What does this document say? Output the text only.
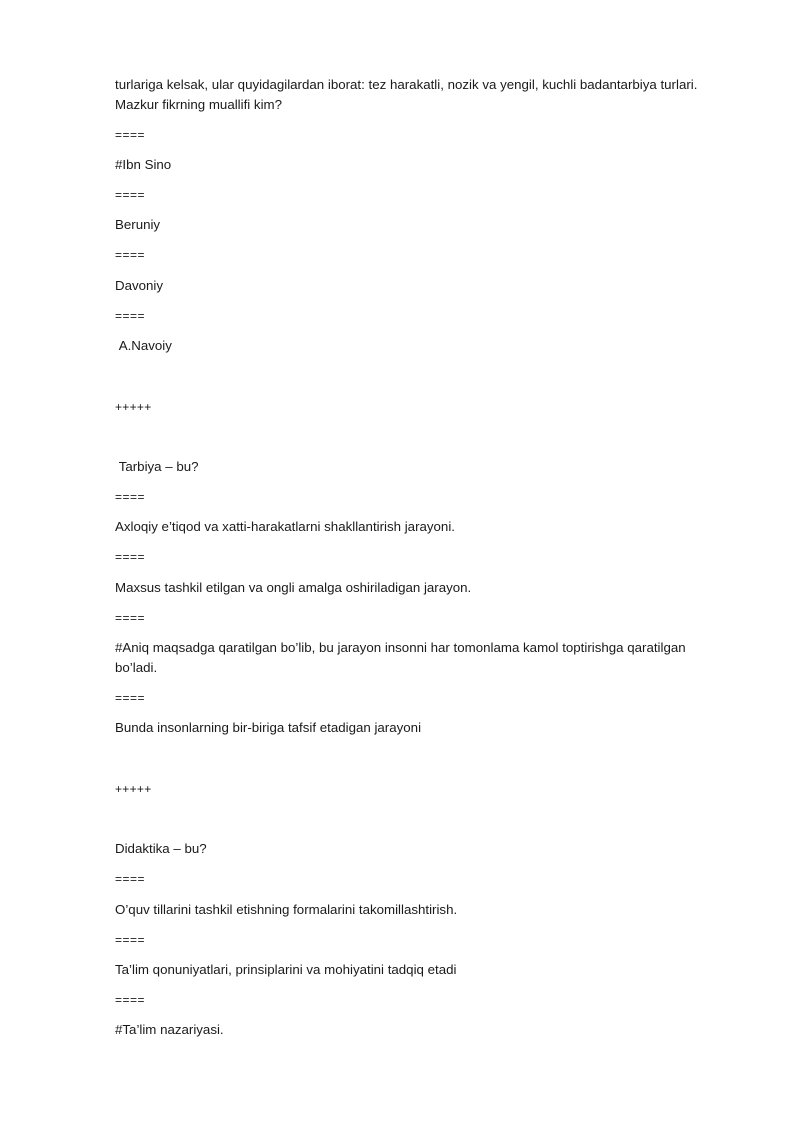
turlariga kelsak, ular quyidagilardan iborat: tez harakatli, nozik va yengil, kuchli badantarbiya turlari.

Mazkur fikrning muallifi kim?

====

#Ibn Sino

====

Beruniy

====

Davoniy

====

A.Navoiy

+++++

Tarbiya – bu?

====

Axloqiy e’tiqod va xatti-harakatlarni shakllantirish jarayoni.

====

Maxsus tashkil etilgan va ongli amalga oshiriladigan jarayon.

====

#Aniq maqsadga qaratilgan bo’lib, bu jarayon insonni har tomonlama kamol toptirishga qaratilgan

bo’ladi.

====

Bunda insonlarning bir-biriga tafsif etadigan jarayoni

+++++

Didaktika – bu?

====

O’quv tillarini tashkil etishning formalarini takomillashtirish.

====

Ta’lim qonuniyatlari, prinsiplarini va mohiyatini tadqiq etadi

====

#Ta’lim nazariyasi.
